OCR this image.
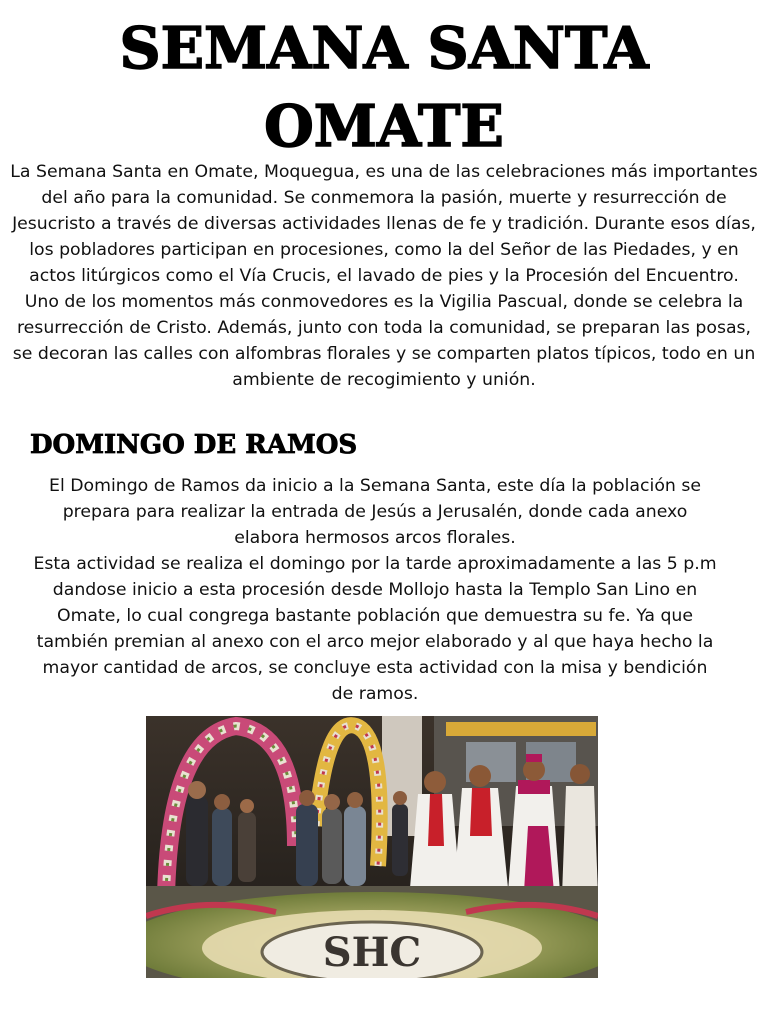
SEMANA SANTA
OMATE

La Semana Santa en Omate, Moquegua, es una de las celebraciones más importantes del año para la comunidad. Se conmemora la pasión, muerte y resurrección de Jesucristo a través de diversas actividades llenas de fe y tradición. Durante esos días, los pobladores participan en procesiones, como la del Señor de las Piedades, y en actos litúrgicos como el Vía Crucis, el lavado de pies y la Procesión del Encuentro. Uno de los momentos más conmovedores es la Vigilia Pascual, donde se celebra la resurrección de Cristo. Además, junto con toda la comunidad, se preparan las posas, se decoran las calles con alfombras florales y se comparten platos típicos, todo en un ambiente de recogimiento y unión.

DOMINGO DE RAMOS

El Domingo de Ramos da inicio a la Semana Santa, este día la población se prepara para realizar la entrada de Jesús a Jerusalén, donde cada anexo elabora hermosos arcos florales.

Esta actividad se realiza el domingo por la tarde aproximadamente a las 5 p.m dandose inicio a esta procesión desde Mollojo hasta la Templo San Lino en Omate, lo cual congrega bastante población que demuestra su fe. Ya que también premian al anexo con el arco mejor elaborado y al que haya hecho la mayor cantidad de arcos, se concluye esta actividad con la misa y bendición de ramos.

SHC
